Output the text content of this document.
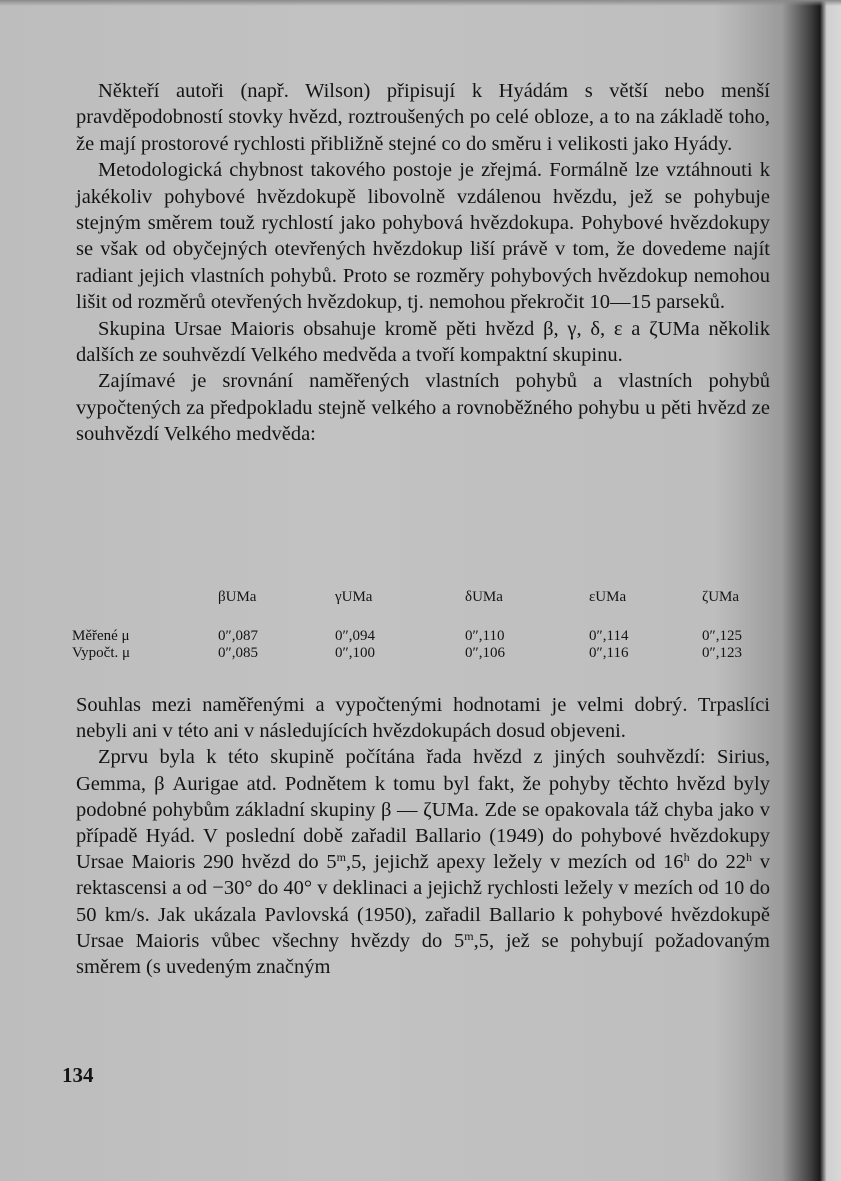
Někteří autoři (např. Wilson) připisují k Hyádám s větší nebo menší pravděpodobností stovky hvězd, roztroušených po celé obloze, a to na základě toho, že mají prostorové rychlosti přibližně stejné co do směru i velikosti jako Hyády.

Metodologická chybnost takového postoje je zřejmá. Formálně lze vztáhnouti k jakékoliv pohybové hvězdokupě libovolně vzdálenou hvězdu, jež se pohybuje stejným směrem touž rychlostí jako pohybová hvězdokupa. Pohybové hvězdokupy se však od obyčejných otevřených hvězdokup liší právě v tom, že dovedeme najít radiant jejich vlastních pohybů. Proto se rozměry pohybových hvězdokup nemohou lišit od rozměrů otevřených hvězdokup, tj. nemohou překročit 10—15 parseků.

Skupina Ursae Maioris obsahuje kromě pěti hvězd β, γ, δ, ε a ζUMa několik dalších ze souhvězdí Velkého medvěda a tvoří kompaktní skupinu.

Zajímavé je srovnání naměřených vlastních pohybů a vlastních pohybů vypočtených za předpokladu stejně velkého a rovnoběžného pohybu u pěti hvězd ze souhvězdí Velkého medvěda:

	βUMa	γUMa	δUMa	εUMa	ζUMa
Měřené μ	0″,087	0″,094	0″,110	0″,114	0″,125
Vypočt. μ	0″,085	0″,100	0″,106	0″,116	0″,123

Souhlas mezi naměřenými a vypočtenými hodnotami je velmi dobrý. Trpaslíci nebyli ani v této ani v následujících hvězdokupách dosud objeveni.

Zprvu byla k této skupině počítána řada hvězd z jiných souhvězdí: Sirius, Gemma, β Aurigae atd. Podnětem k tomu byl fakt, že pohyby těchto hvězd byly podobné pohybům základní skupiny β — ζUMa. Zde se opakovala táž chyba jako v případě Hyád. V poslední době zařadil Ballario (1949) do pohybové hvězdokupy Ursae Maioris 290 hvězd do 5$^m$,5, jejichž apexy ležely v mezích od 16$^h$ do 22$^h$ v rektascensi a od −30° do 40° v deklinaci a jejichž rychlosti ležely v mezích od 10 do 50 km/s. Jak ukázala Pavlovská (1950), zařadil Ballario k pohybové hvězdokupě Ursae Maioris vůbec všechny hvězdy do 5$^m$,5, jež se pohybují požadovaným směrem (s uvedeným značným

134
